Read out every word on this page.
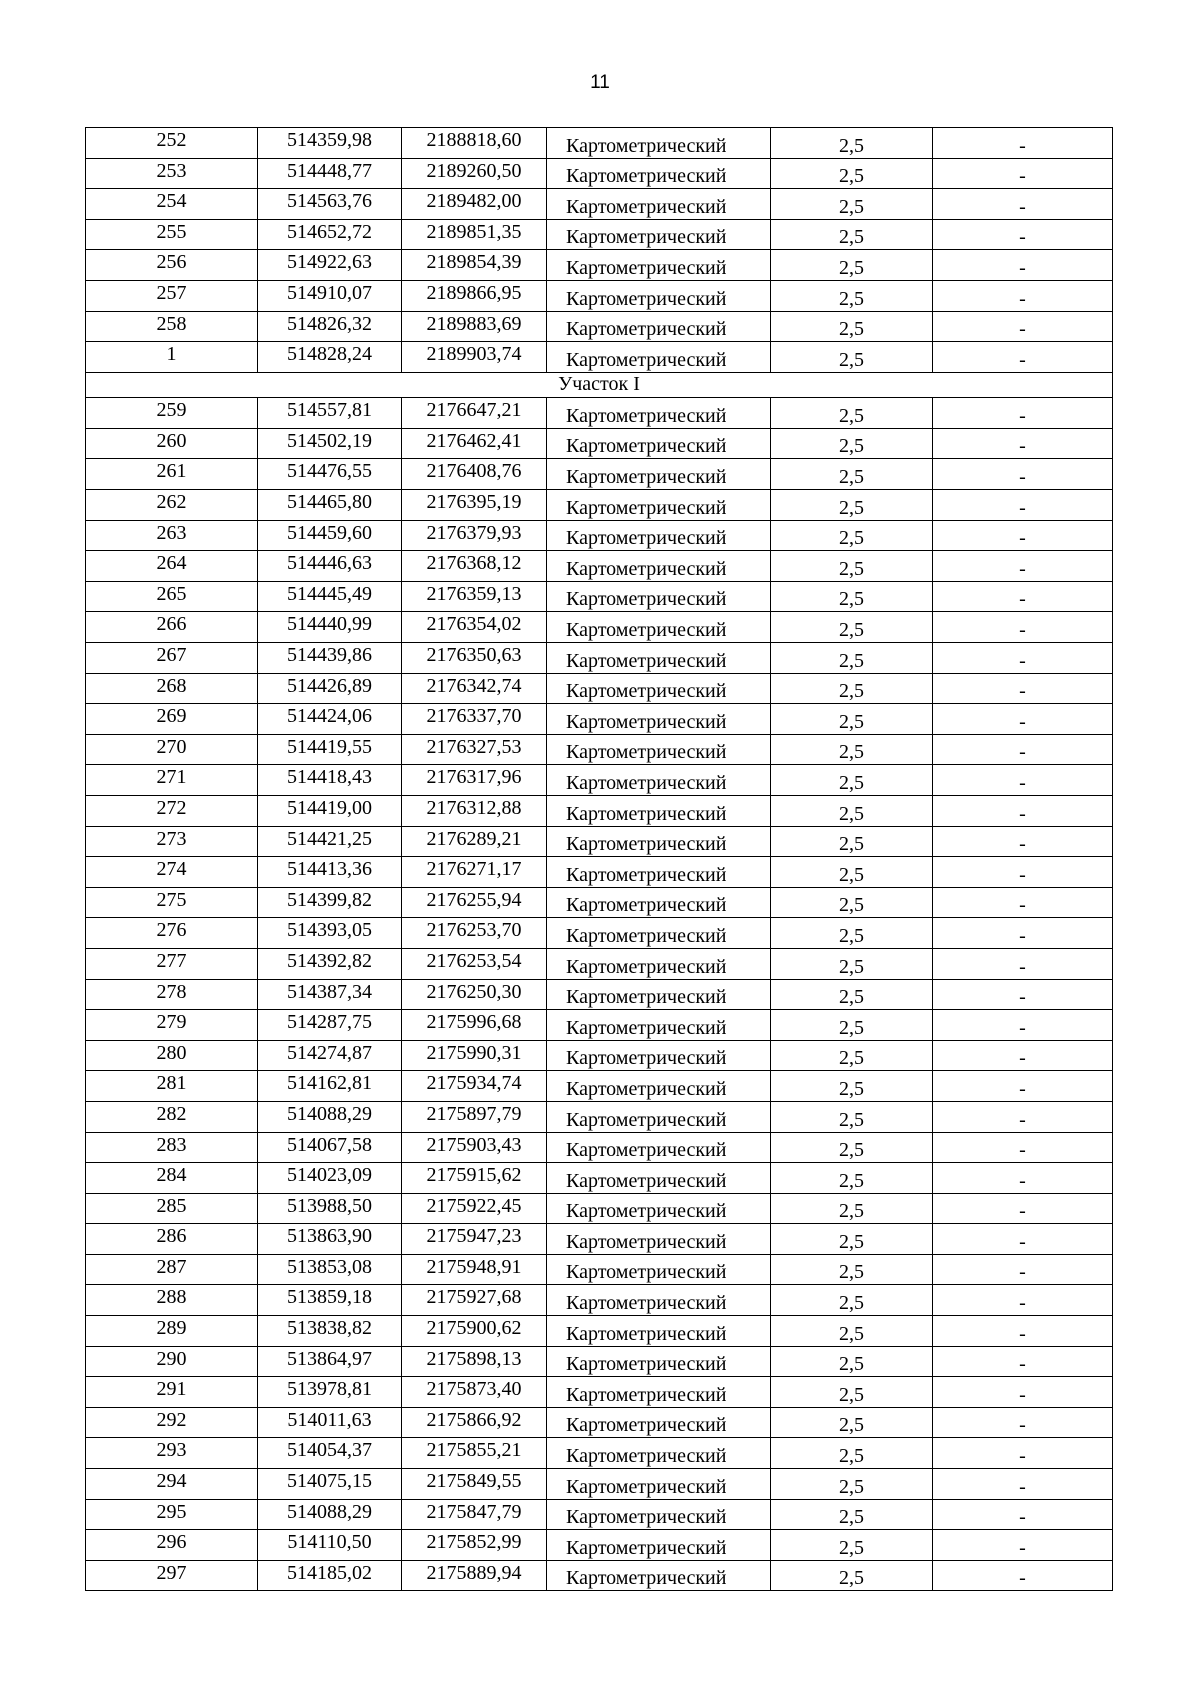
11
252	514359,98	2188818,60	Картометрический	2,5	-
253	514448,77	2189260,50	Картометрический	2,5	-
254	514563,76	2189482,00	Картометрический	2,5	-
255	514652,72	2189851,35	Картометрический	2,5	-
256	514922,63	2189854,39	Картометрический	2,5	-
257	514910,07	2189866,95	Картометрический	2,5	-
258	514826,32	2189883,69	Картометрический	2,5	-
1	514828,24	2189903,74	Картометрический	2,5	-
Участок I					
259	514557,81	2176647,21	Картометрический	2,5	-
260	514502,19	2176462,41	Картометрический	2,5	-
261	514476,55	2176408,76	Картометрический	2,5	-
262	514465,80	2176395,19	Картометрический	2,5	-
263	514459,60	2176379,93	Картометрический	2,5	-
264	514446,63	2176368,12	Картометрический	2,5	-
265	514445,49	2176359,13	Картометрический	2,5	-
266	514440,99	2176354,02	Картометрический	2,5	-
267	514439,86	2176350,63	Картометрический	2,5	-
268	514426,89	2176342,74	Картометрический	2,5	-
269	514424,06	2176337,70	Картометрический	2,5	-
270	514419,55	2176327,53	Картометрический	2,5	-
271	514418,43	2176317,96	Картометрический	2,5	-
272	514419,00	2176312,88	Картометрический	2,5	-
273	514421,25	2176289,21	Картометрический	2,5	-
274	514413,36	2176271,17	Картометрический	2,5	-
275	514399,82	2176255,94	Картометрический	2,5	-
276	514393,05	2176253,70	Картометрический	2,5	-
277	514392,82	2176253,54	Картометрический	2,5	-
278	514387,34	2176250,30	Картометрический	2,5	-
279	514287,75	2175996,68	Картометрический	2,5	-
280	514274,87	2175990,31	Картометрический	2,5	-
281	514162,81	2175934,74	Картометрический	2,5	-
282	514088,29	2175897,79	Картометрический	2,5	-
283	514067,58	2175903,43	Картометрический	2,5	-
284	514023,09	2175915,62	Картометрический	2,5	-
285	513988,50	2175922,45	Картометрический	2,5	-
286	513863,90	2175947,23	Картометрический	2,5	-
287	513853,08	2175948,91	Картометрический	2,5	-
288	513859,18	2175927,68	Картометрический	2,5	-
289	513838,82	2175900,62	Картометрический	2,5	-
290	513864,97	2175898,13	Картометрический	2,5	-
291	513978,81	2175873,40	Картометрический	2,5	-
292	514011,63	2175866,92	Картометрический	2,5	-
293	514054,37	2175855,21	Картометрический	2,5	-
294	514075,15	2175849,55	Картометрический	2,5	-
295	514088,29	2175847,79	Картометрический	2,5	-
296	514110,50	2175852,99	Картометрический	2,5	-
297	514185,02	2175889,94	Картометрический	2,5	-
